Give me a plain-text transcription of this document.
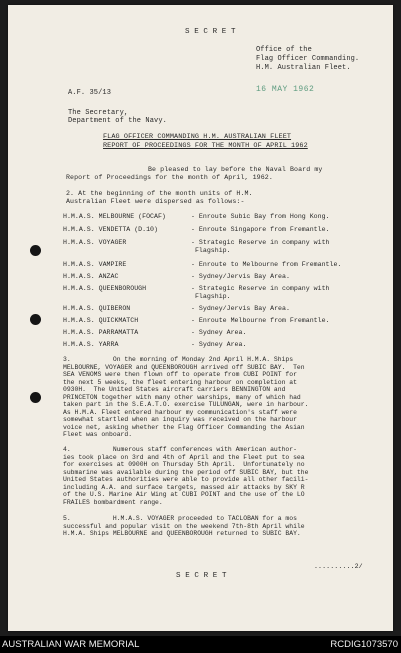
S E C R E T
Office of the
Flag Officer Commanding.
H.M. Australian Fleet.
A.F. 35/13	16 MAY 1962
The Secretary,
Department of the Navy.
FLAG OFFICER COMMANDING H.M. AUSTRALIAN FLEET
REPORT OF PROCEEDINGS FOR THE MONTH OF APRIL 1962
Be pleased to lay before the Naval Board my
Report of Proceedings for the month of April, 1962.
2. At the beginning of the month units of H.M.
Australian Fleet were dispersed as follows:-
H.M.A.S. MELBOURNE (FOCAF)	- Enroute Subic Bay from Hong Kong.
H.M.A.S. VENDETTA (D.10)	- Enroute Singapore from Fremantle.
H.M.A.S. VOYAGER	- Strategic Reserve in company with
Flagship.
H.M.A.S. VAMPIRE	- Enroute to Melbourne from Fremantle.
H.M.A.S. ANZAC	- Sydney/Jervis Bay Area.
H.M.A.S. QUEENBOROUGH	- Strategic Reserve in company with
Flagship.
H.M.A.S. QUIBERON	- Sydney/Jervis Bay Area.
H.M.A.S. QUICKMATCH	- Enroute Melbourne from Fremantle.
H.M.A.S. PARRAMATTA	- Sydney Area.
H.M.A.S. YARRA	- Sydney Area.
3.           On the morning of Monday 2nd April H.M.A. Ships
MELBOURNE, VOYAGER and QUEENBOROUGH arrived off SUBIC BAY.  Ten
SEA VENOMS were then flown off to operate from CUBI POINT for
the next 5 weeks, the fleet entering harbour on completion at
0930H.  The United States aircraft carriers BENNINGTON and
PRINCETON together with many other warships, many of which had
taken part in the S.E.A.T.O. exercise TULUNGAN, were in harbour.
As H.M.A. Fleet entered harbour my communication's staff were
somewhat startled when an inquiry was received on the harbour
voice net, asking whether the Flag Officer Commanding the Asian
Fleet was onboard.
4.           Numerous staff conferences with American author-
ies took place on 3rd and 4th of April and the Fleet put to sea
for exercises at 0900H on Thursday 5th April.  Unfortunately no
submarine was available during the period off SUBIC BAY, but the
United States authorities were able to provide all other facili-
including A.A. and surface targets, massed air attacks by SKY R
of the U.S. Marine Air Wing at CUBI POINT and the use of the LO
FRAILES bombardment range.
5.           H.M.A.S. VOYAGER proceeded to TACLOBAN for a mos
successful and popular visit on the weekend 7th-8th April while
H.M.A. Ships MELBOURNE and QUEENBOROUGH returned to SUBIC BAY.
..........2/
S E C R E T
AUSTRALIAN WAR MEMORIAL	RCDIG1073570
